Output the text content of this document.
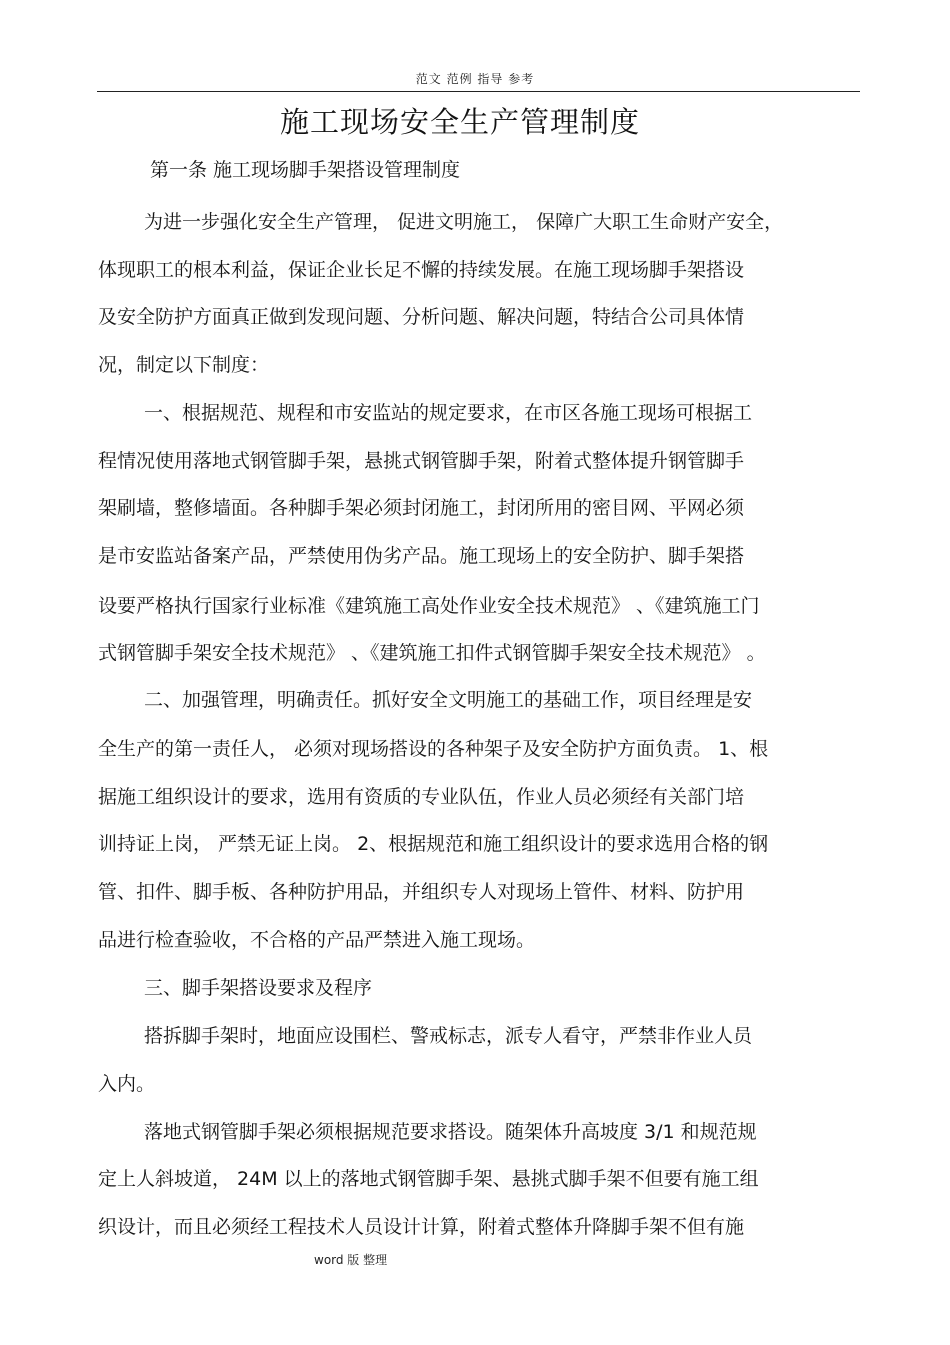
范文 范例 指导 参考
施工现场安全生产管理制度
第一条 施工现场脚手架搭设管理制度
为进一步强化安全生产管理， 促进文明施工， 保障广大职工生命财产安全，
体现职工的根本利益，保证企业长足不懈的持续发展。在施工现场脚手架搭设
及安全防护方面真正做到发现问题、分析问题、解决问题，特结合公司具体情
况，制定以下制度：
一、根据规范、规程和市安监站的规定要求，在市区各施工现场可根据工
程情况使用落地式钢管脚手架，悬挑式钢管脚手架，附着式整体提升钢管脚手
架刷墙，整修墙面。各种脚手架必须封闭施工，封闭所用的密目网、平网必须
是市安监站备案产品，严禁使用伪劣产品。施工现场上的安全防护、脚手架搭
设要严格执行国家行业标准《建筑施工高处作业安全技术规范》 、《建筑施工门
式钢管脚手架安全技术规范》 、《建筑施工扣件式钢管脚手架安全技术规范》 。
二、加强管理，明确责任。抓好安全文明施工的基础工作，项目经理是安
全生产的第一责任人， 必须对现场搭设的各种架子及安全防护方面负责。 1、根
据施工组织设计的要求，选用有资质的专业队伍，作业人员必须经有关部门培
训持证上岗， 严禁无证上岗。 2、根据规范和施工组织设计的要求选用合格的钢
管、扣件、脚手板、各种防护用品，并组织专人对现场上管件、材料、防护用
品进行检查验收，不合格的产品严禁进入施工现场。
三、脚手架搭设要求及程序
搭拆脚手架时，地面应设围栏、警戒标志，派专人看守，严禁非作业人员
入内。
落地式钢管脚手架必须根据规范要求搭设。随架体升高坡度 3/1 和规范规
定上人斜坡道， 24M 以上的落地式钢管脚手架、悬挑式脚手架不但要有施工组
织设计，而且必须经工程技术人员设计计算，附着式整体升降脚手架不但有施
word 版 整理
